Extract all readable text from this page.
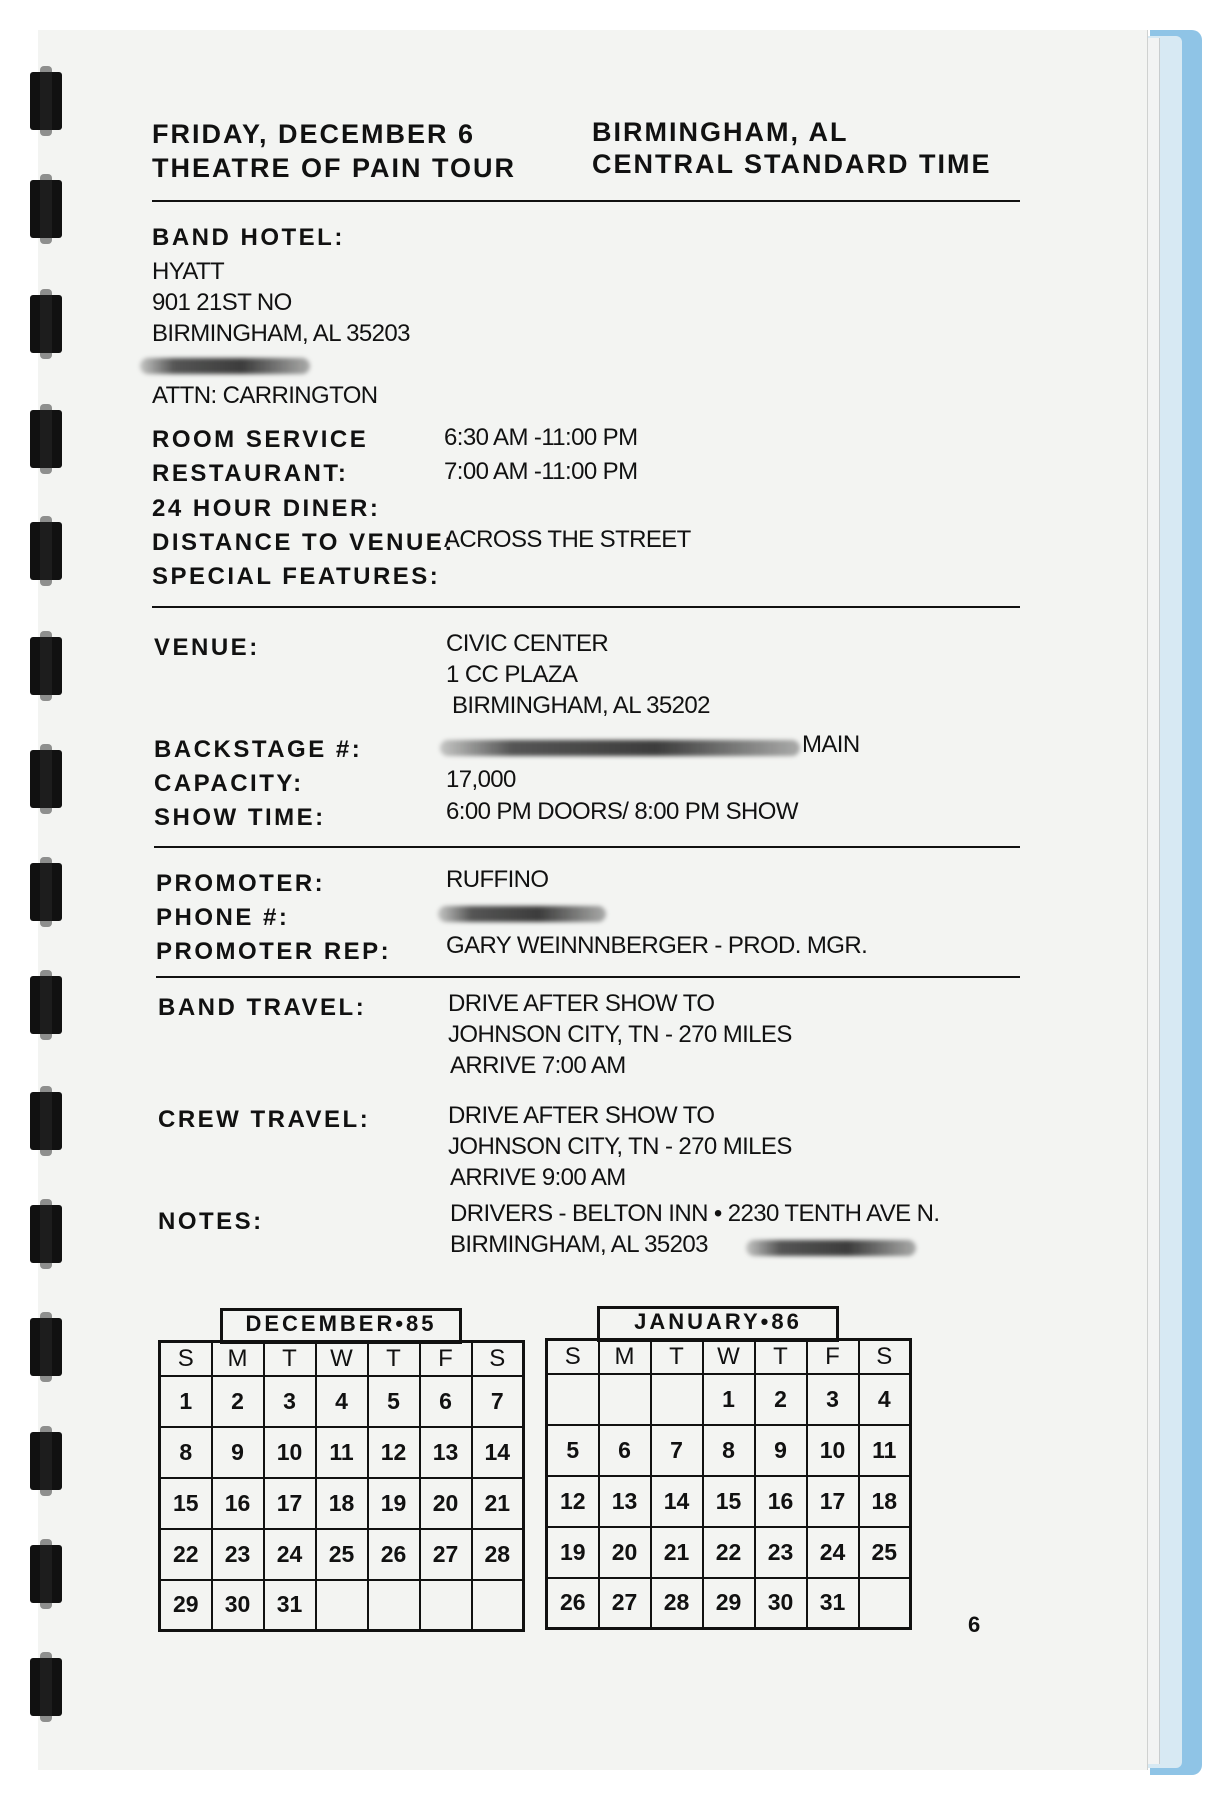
FRIDAY, DECEMBER 6
THEATRE OF PAIN TOUR
BIRMINGHAM, AL
CENTRAL STANDARD TIME
BAND HOTEL:
HYATT
901 21ST NO
BIRMINGHAM, AL 35203
ATTN: CARRINGTON
ROOM SERVICE	6:30 AM -11:00 PM
RESTAURANT:	7:00 AM -11:00 PM
24 HOUR DINER:
DISTANCE TO VENUE:
ACROSS THE STREET
SPECIAL FEATURES:
VENUE:	CIVIC CENTER
1 CC PLAZA
BIRMINGHAM, AL 35202
BACKSTAGE #:	MAIN
CAPACITY:	17,000
SHOW TIME:	6:00 PM DOORS/ 8:00 PM SHOW
PROMOTER:	RUFFINO
PHONE #:
PROMOTER REP: GARY WEINNNBERGER - PROD. MGR.
BAND TRAVEL:	DRIVE AFTER SHOW TO
JOHNSON CITY, TN - 270 MILES
ARRIVE 7:00 AM
CREW TRAVEL:	DRIVE AFTER SHOW TO
JOHNSON CITY, TN - 270 MILES
ARRIVE 9:00 AM
NOTES:	DRIVERS - BELTON INN • 2230 TENTH AVE N.
BIRMINGHAM, AL 35203
DECEMBER•85
S	M	T	W	T	F	S
1	2	3	4	5	6	7
8	9	10	11	12	13	14
15	16	17	18	19	20	21
22	23	24	25	26	27	28
29	30	31				
JANUARY•86
S	M	T	W	T	F	S
			1	2	3	4
5	6	7	8	9	10	11
12	13	14	15	16	17	18
19	20	21	22	23	24	25
26	27	28	29	30	31	
6
